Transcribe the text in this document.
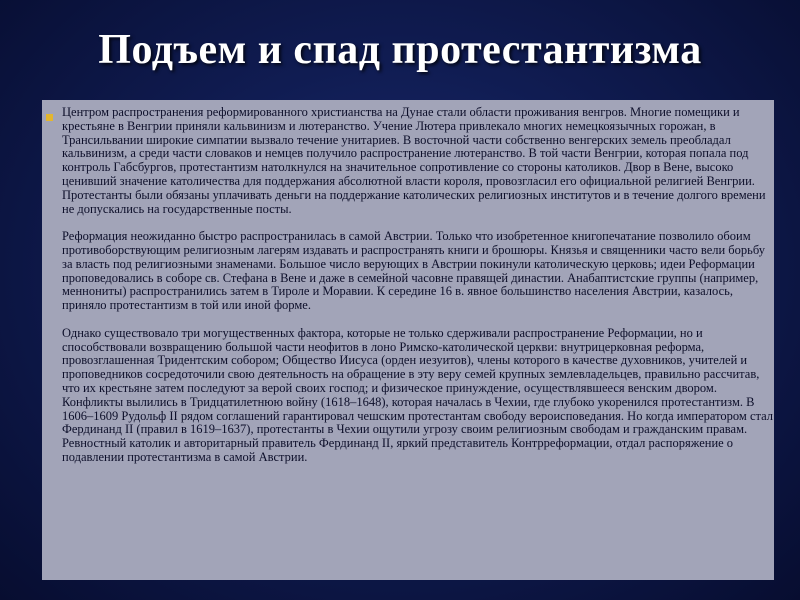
Подъем и спад протестантизма

Центром распространения реформированного христианства на Дунае стали области проживания венгров. Многие помещики и крестьяне в Венгрии приняли кальвинизм и лютеранство. Учение Лютера привлекало многих немецкоязычных горожан, в Трансильвании широкие симпатии вызвало течение унитариев. В восточной части собственно венгерских земель преобладал кальвинизм, а среди части словаков и немцев получило распространение лютеранство. В той части Венгрии, которая попала под контроль Габсбургов, протестантизм натолкнулся на значительное сопротивление со стороны католиков. Двор в Вене, высоко ценивший значение католичества для поддержания абсолютной власти короля, провозгласил его официальной религией Венгрии. Протестанты были обязаны уплачивать деньги на поддержание католических религиозных институтов и в течение долгого времени не допускались на государственные посты.

Реформация неожиданно быстро распространилась в самой Австрии. Только что изобретенное книгопечатание позволило обоим противоборствующим религиозным лагерям издавать и распространять книги и брошюры. Князья и священники часто вели борьбу за власть под религиозными знаменами. Большое число верующих в Австрии покинули католическую церковь; идеи Реформации проповедовались в соборе св. Стефана в Вене и даже в семейной часовне правящей династии. Анабаптистские группы (например, меннониты) распространились затем в Тироле и Моравии. К середине 16 в. явное большинство населения Австрии, казалось, приняло протестантизм в той или иной форме.

Однако существовало три могущественных фактора, которые не только сдерживали распространение Реформации, но и способствовали возвращению большой части неофитов в лоно Римско-католической церкви: внутрицерковная реформа, провозглашенная Тридентским собором; Общество Иисуса (орден иезуитов), члены которого в качестве духовников, учителей и проповедников сосредоточили свою деятельность на обращение в эту веру семей крупных землевладельцев, правильно рассчитав, что их крестьяне затем последуют за верой своих господ; и физическое принуждение, осуществлявшееся венским двором. Конфликты вылились в Тридцатилетнюю войну (1618–1648), которая началась в Чехии, где глубоко укоренился протестантизм. В 1606–1609 Рудольф II рядом соглашений гарантировал чешским протестантам свободу вероисповедания. Но когда императором стал Фердинанд II (правил в 1619–1637), протестанты в Чехии ощутили угрозу своим религиозным свободам и гражданским правам. Ревностный католик и авторитарный правитель Фердинанд II, яркий представитель Контрреформации, отдал распоряжение о подавлении протестантизма в самой Австрии.
